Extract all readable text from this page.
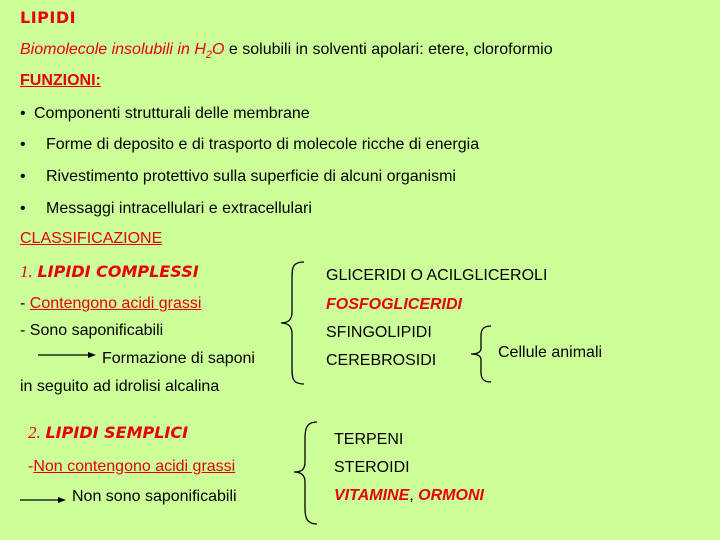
LIPIDI
Biomolecole insolubili in $H_2O$ e solubili in solventi apolari: etere, cloroformio
FUNZIONI:
• Componenti strutturali delle membrane
• Forme di deposito e di trasporto di molecole ricche di energia
• Rivestimento protettivo sulla superficie di alcuni organismi
• Messaggi intracellulari e extracellulari
CLASSIFICAZIONE
1. LIPIDI COMPLESSI
- Contengono acidi grassi
- Sono saponificabili
Formazione di saponi
in seguito ad idrolisi alcalina
GLICERIDI O ACILGLICEROLI
FOSFOGLICERIDI
SFINGOLIPIDI
CEREBROSIDI	Cellule animali
2. LIPIDI SEMPLICI
-Non contengono acidi grassi
Non sono saponificabili
TERPENI
STEROIDI
VITAMINE, ORMONI
